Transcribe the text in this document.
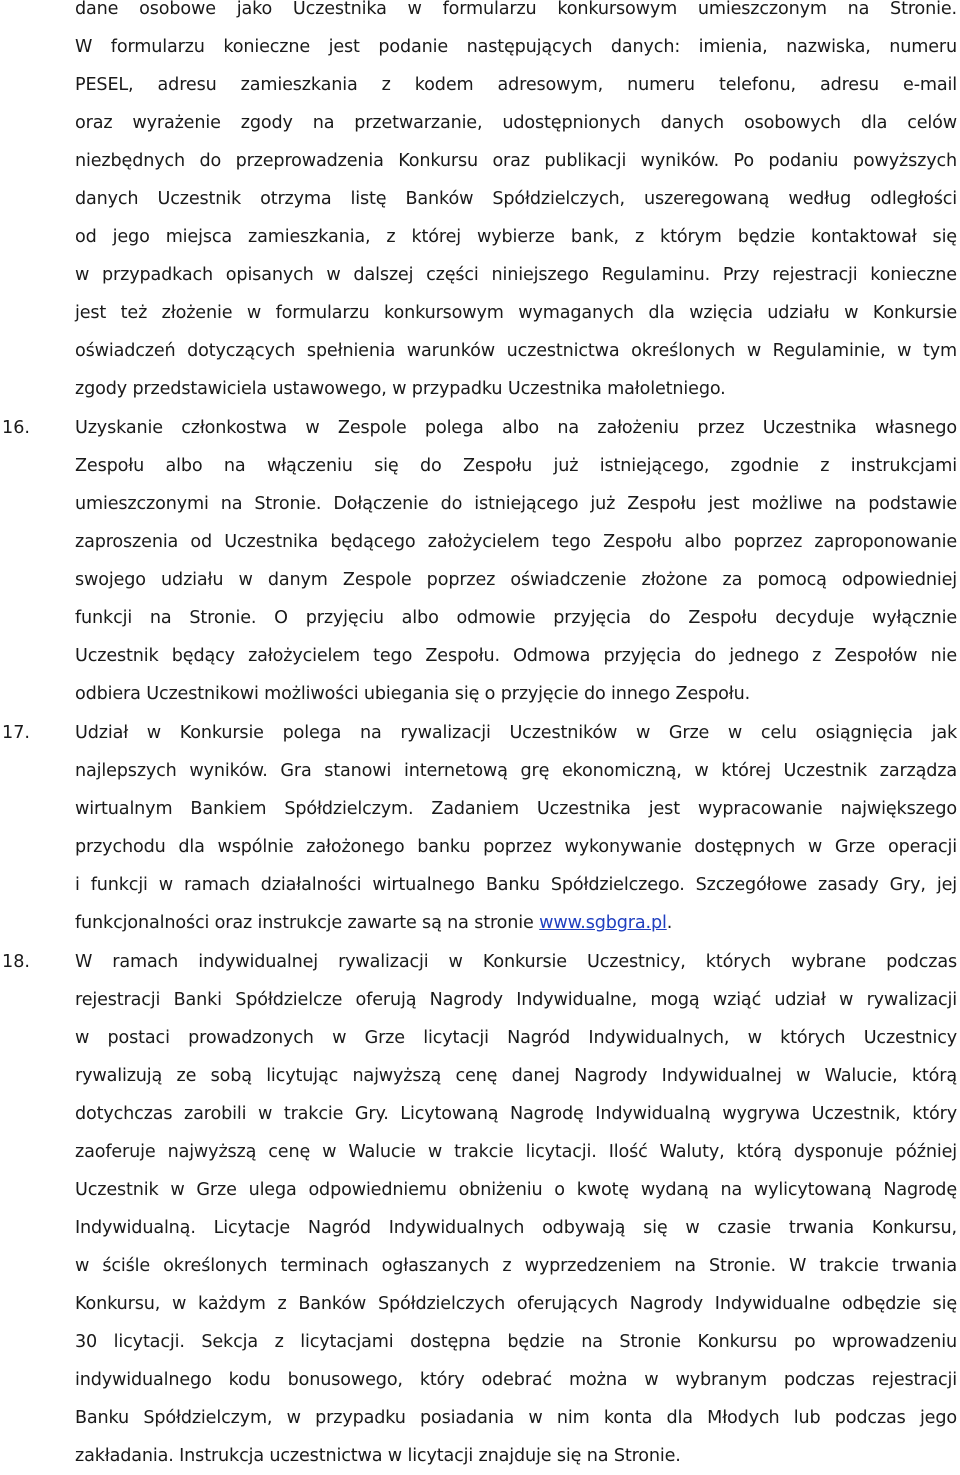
dane osobowe jako Uczestnika w formularzu konkursowym umieszczonym na Stronie.
W formularzu konieczne jest podanie następujących danych: imienia, nazwiska, numeru
PESEL, adresu zamieszkania z kodem adresowym, numeru telefonu, adresu e-mail
oraz wyrażenie zgody na przetwarzanie, udostępnionych danych osobowych dla celów
niezbędnych do przeprowadzenia Konkursu oraz publikacji wyników. Po podaniu powyższych
danych Uczestnik otrzyma listę Banków Spółdzielczych, uszeregowaną według odległości
od jego miejsca zamieszkania, z której wybierze bank, z którym będzie kontaktował się
w przypadkach opisanych w dalszej części niniejszego Regulaminu. Przy rejestracji konieczne
jest też złożenie w formularzu konkursowym wymaganych dla wzięcia udziału w Konkursie
oświadczeń dotyczących spełnienia warunków uczestnictwa określonych w Regulaminie, w tym
zgody przedstawiciela ustawowego, w przypadku Uczestnika małoletniego.
16.	Uzyskanie członkostwa w Zespole polega albo na założeniu przez Uczestnika własnego
Zespołu albo na włączeniu się do Zespołu już istniejącego, zgodnie z instrukcjami
umieszczonymi na Stronie. Dołączenie do istniejącego już Zespołu jest możliwe na podstawie
zaproszenia od Uczestnika będącego założycielem tego Zespołu albo poprzez zaproponowanie
swojego udziału w danym Zespole poprzez oświadczenie złożone za pomocą odpowiedniej
funkcji na Stronie. O przyjęciu albo odmowie przyjęcia do Zespołu decyduje wyłącznie
Uczestnik będący założycielem tego Zespołu. Odmowa przyjęcia do jednego z Zespołów nie
odbiera Uczestnikowi możliwości ubiegania się o przyjęcie do innego Zespołu.
17.	Udział w Konkursie polega na rywalizacji Uczestników w Grze w celu osiągnięcia jak
najlepszych wyników. Gra stanowi internetową grę ekonomiczną, w której Uczestnik zarządza
wirtualnym Bankiem Spółdzielczym. Zadaniem Uczestnika jest wypracowanie największego
przychodu dla wspólnie założonego banku poprzez wykonywanie dostępnych w Grze operacji
i funkcji w ramach działalności wirtualnego Banku Spółdzielczego. Szczegółowe zasady Gry, jej
funkcjonalności oraz instrukcje zawarte są na stronie www.sgbgra.pl.
18.	W ramach indywidualnej rywalizacji w Konkursie Uczestnicy, których wybrane podczas
rejestracji Banki Spółdzielcze oferują Nagrody Indywidualne, mogą wziąć udział w rywalizacji
w postaci prowadzonych w Grze licytacji Nagród Indywidualnych, w których Uczestnicy
rywalizują ze sobą licytując najwyższą cenę danej Nagrody Indywidualnej w Walucie, którą
dotychczas zarobili w trakcie Gry. Licytowaną Nagrodę Indywidualną wygrywa Uczestnik, który
zaoferuje najwyższą cenę w Walucie w trakcie licytacji. Ilość Waluty, którą dysponuje później
Uczestnik w Grze ulega odpowiedniemu obniżeniu o kwotę wydaną na wylicytowaną Nagrodę
Indywidualną. Licytacje Nagród Indywidualnych odbywają się w czasie trwania Konkursu,
w ściśle określonych terminach ogłaszanych z wyprzedzeniem na Stronie. W trakcie trwania
Konkursu, w każdym z Banków Spółdzielczych oferujących Nagrody Indywidualne odbędzie się
30 licytacji. Sekcja z licytacjami dostępna będzie na Stronie Konkursu po wprowadzeniu
indywidualnego kodu bonusowego, który odebrać można w wybranym podczas rejestracji
Banku Spółdzielczym, w przypadku posiadania w nim konta dla Młodych lub podczas jego
zakładania. Instrukcja uczestnictwa w licytacji znajduje się na Stronie.
